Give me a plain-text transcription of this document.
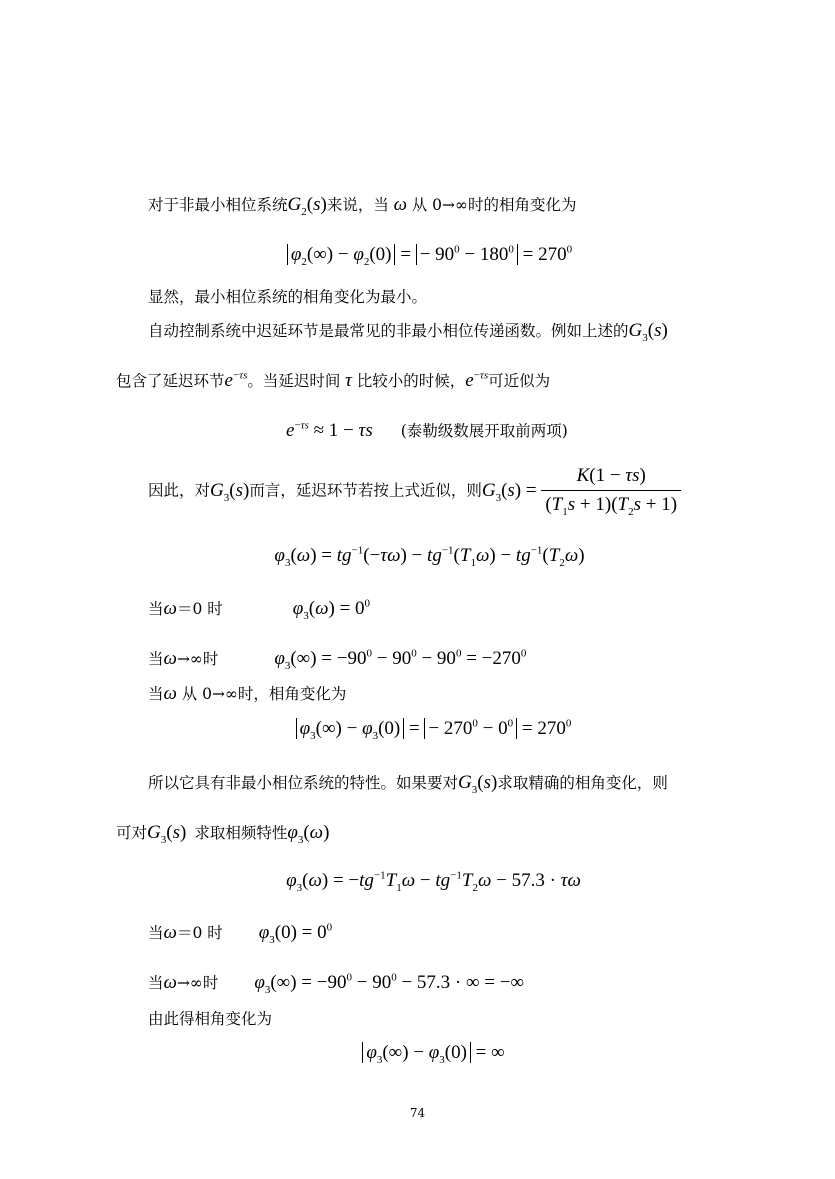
对于非最小相位系统$G_2(s)$来说，当 ω 从 0→∞时的相角变化为
$\varphi_2(\infty) - \varphi_2(0)$ = − $90^0 - 180^0 = 270^0$
显然，最小相位系统的相角变化为最小。
自动控制系统中迟延环节是最常见的非最小相位传递函数。例如上述的$G_3(s)$
包含了延迟环节$e^{-\tau s}$。当延迟时间 τ 比较小的时候，$e^{-\tau s}$可近似为
$e^{-\tau s} \approx 1 - \tau s$ (泰勒级数展开取前两项)
因此，对$G_3(s)$而言，延迟环节若按上式近似，则$G_3(s) = \frac{K(1 - \tau s)}{(T_1s + 1)(T_2s + 1)}$
$\varphi_3(\omega) = tg^{-1}(-\tau\omega) - tg^{-1}(T_1\omega) - tg^{-1}(T_2\omega)$
当ω＝0 时	$\varphi_3(\omega) = 0^0$
当ω→∞时	$\varphi_3(\infty) = -90^0 - 90^0 - 90^0 = -270^0$
当ω 从 0→∞时，相角变化为
$\varphi_3(\infty) - \varphi_3(0)$ = − $270^0 - 0^0 = 270^0$
所以它具有非最小相位系统的特性。如果要对$G_3(s)$求取精确的相角变化，则
可对$G_3(s)$ 求取相频特性$\varphi_3(\omega)$
$\varphi_3(\omega) = -tg^{-1}T_1\omega - tg^{-1}T_2\omega - 57.3 \cdot \tau\omega$
当ω＝0 时 $\varphi_3(0) = 0^0$
当ω→∞时 $\varphi_3(\infty) = -90^0 - 90^0 - 57.3$ · ∞ = −∞
由此得相角变化为
$\varphi_3(\infty) - \varphi_3(0)$ = ∞
74
